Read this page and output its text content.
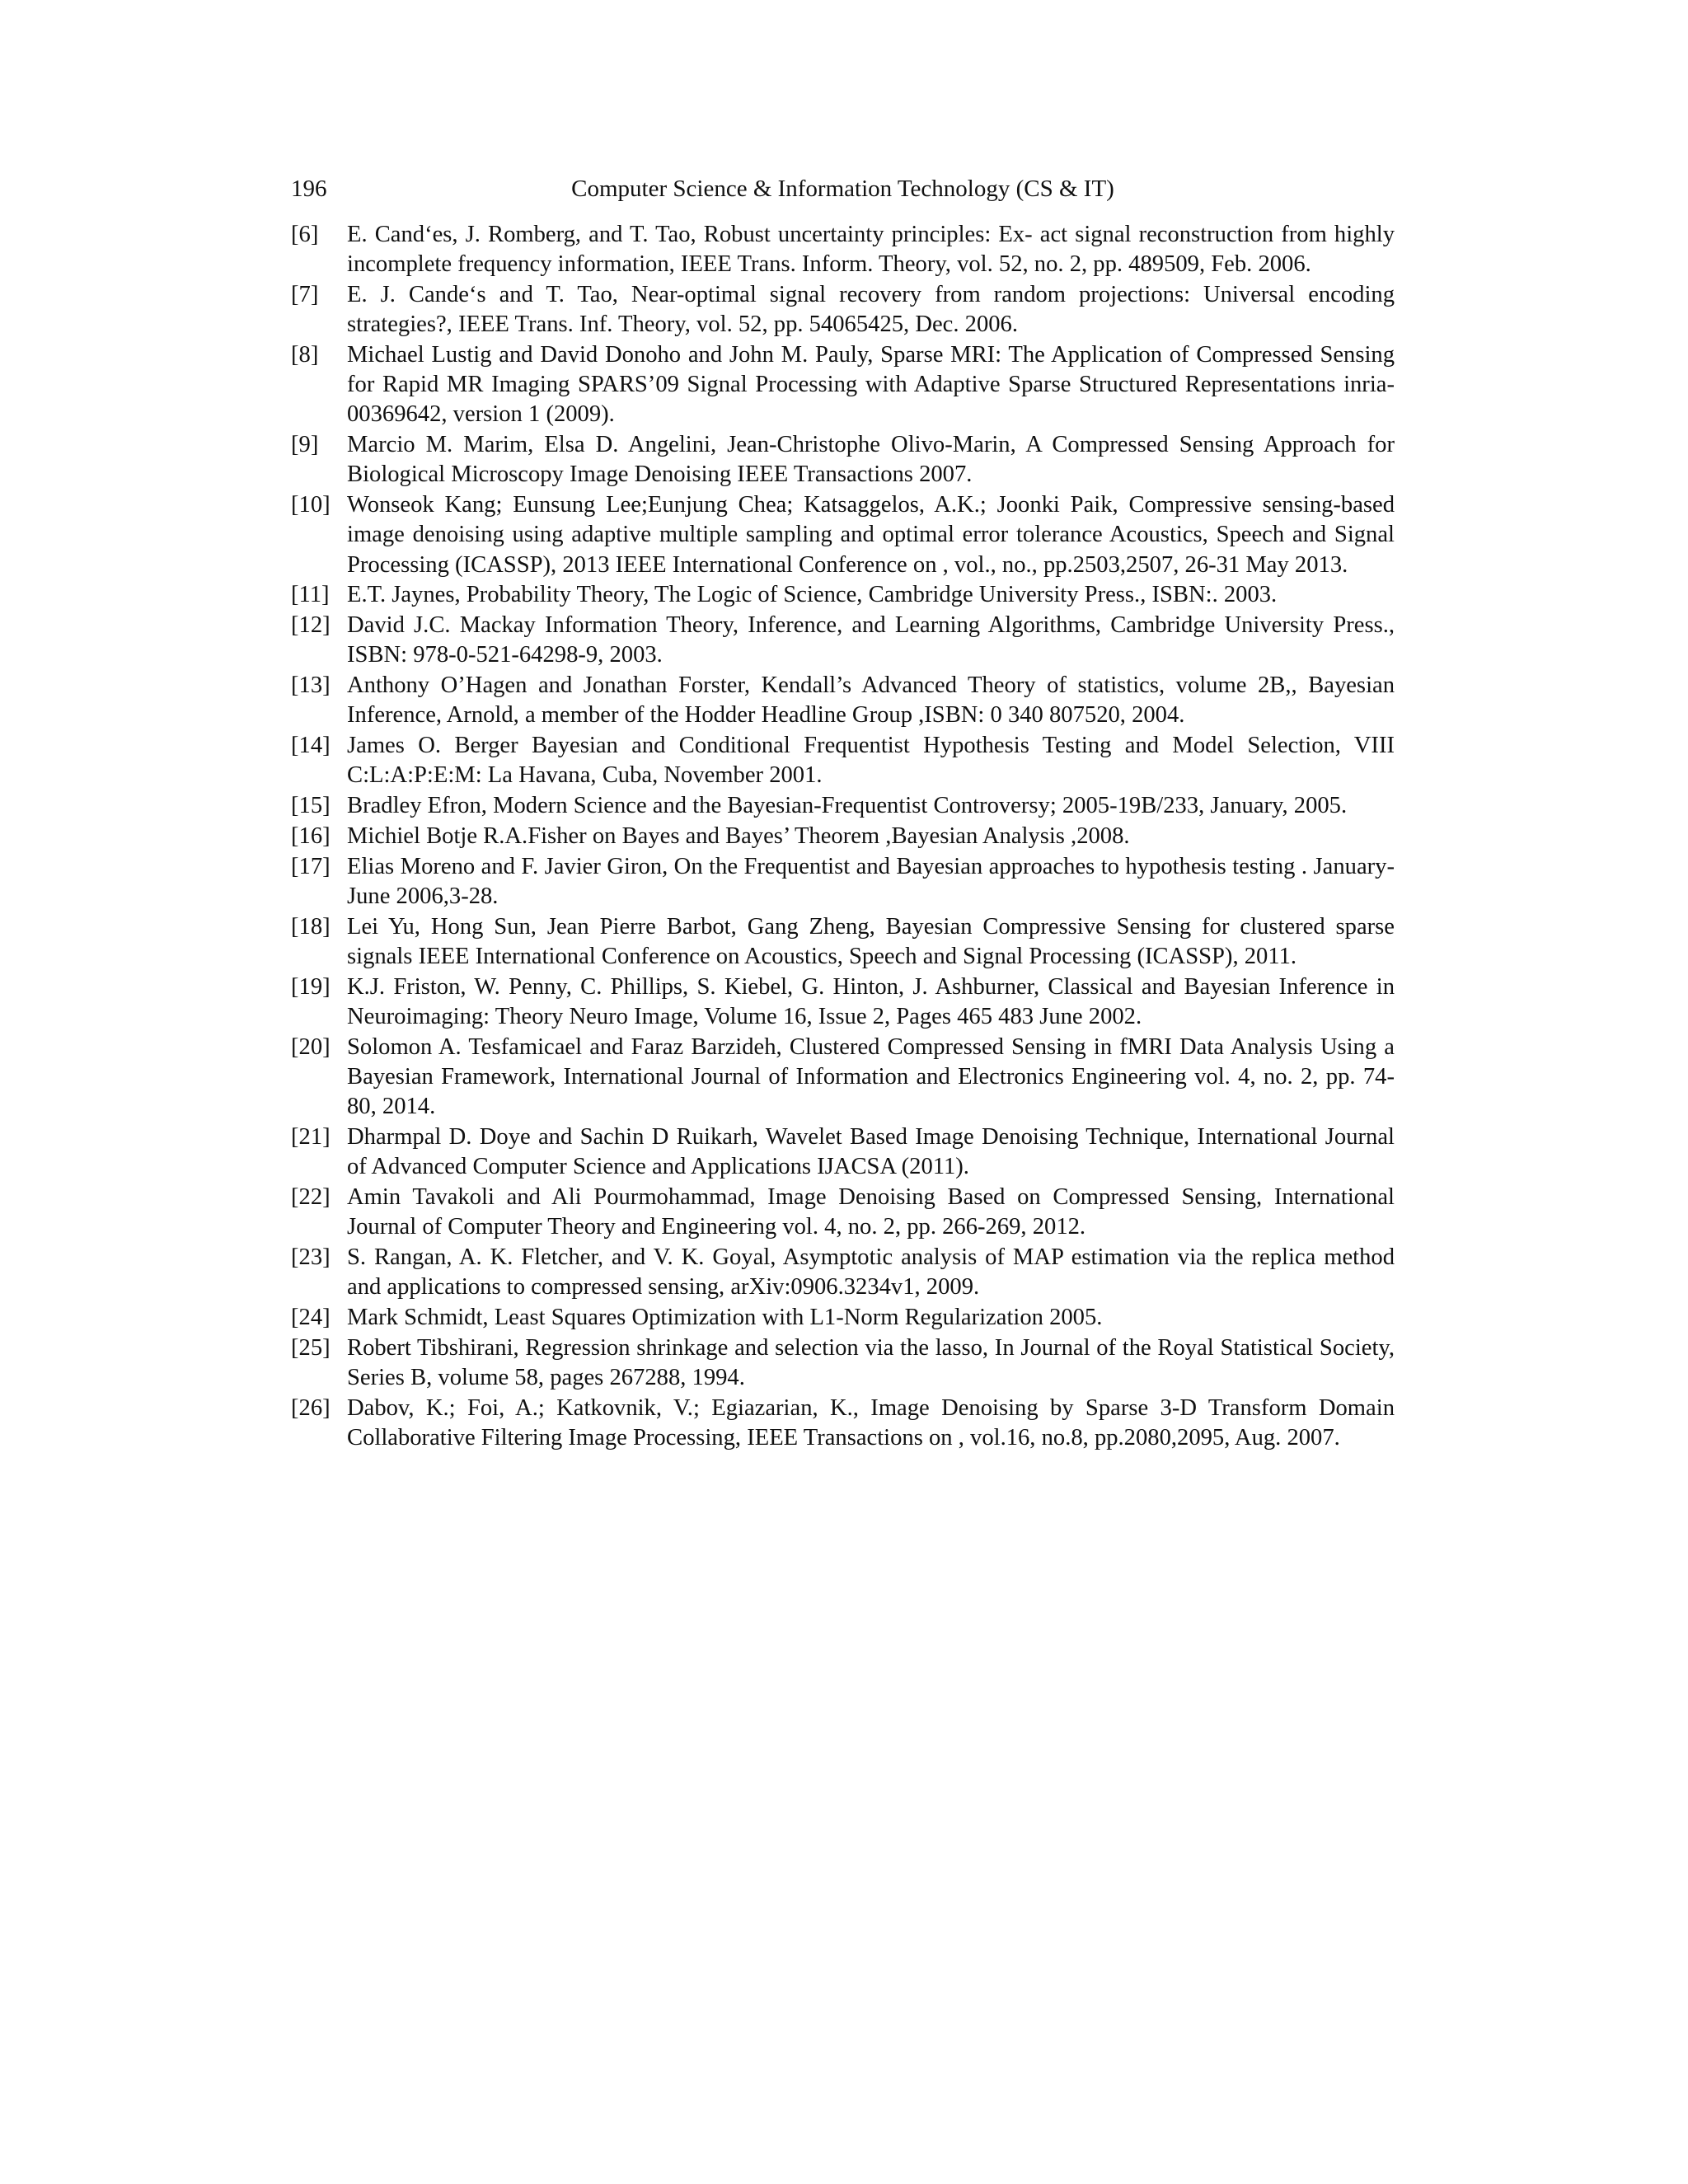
196	Computer Science & Information Technology (CS & IT)
[6] E. Cand‘es, J. Romberg, and T. Tao, Robust uncertainty principles: Ex- act signal reconstruction from highly incomplete frequency information, IEEE Trans. Inform. Theory, vol. 52, no. 2, pp. 489509, Feb. 2006.
[7] E. J. Cande‘s and T. Tao, Near-optimal signal recovery from random projections: Universal encoding strategies?, IEEE Trans. Inf. Theory, vol. 52, pp. 54065425, Dec. 2006.
[8] Michael Lustig and David Donoho and John M. Pauly, Sparse MRI: The Application of Compressed Sensing for Rapid MR Imaging SPARS’09 Signal Processing with Adaptive Sparse Structured Representations inria- 00369642, version 1 (2009).
[9] Marcio M. Marim, Elsa D. Angelini, Jean-Christophe Olivo-Marin, A Compressed Sensing Approach for Biological Microscopy Image Denoising IEEE Transactions 2007.
[10] Wonseok Kang; Eunsung Lee;Eunjung Chea; Katsaggelos, A.K.; Joonki Paik, Compressive sensing-based image denoising using adaptive multiple sampling and optimal error tolerance Acoustics, Speech and Signal Processing (ICASSP), 2013 IEEE International Conference on , vol., no., pp.2503,2507, 26-31 May 2013.
[11] E.T. Jaynes, Probability Theory, The Logic of Science, Cambridge University Press., ISBN:. 2003.
[12] David J.C. Mackay Information Theory, Inference, and Learning Algorithms, Cambridge University Press., ISBN: 978-0-521-64298-9, 2003.
[13] Anthony O’Hagen and Jonathan Forster, Kendall’s Advanced Theory of statistics, volume 2B,, Bayesian Inference, Arnold, a member of the Hodder Headline Group ,ISBN: 0 340 807520, 2004.
[14] James O. Berger Bayesian and Conditional Frequentist Hypothesis Testing and Model Selection, VIII C:L:A:P:E:M: La Havana, Cuba, November 2001.
[15] Bradley Efron, Modern Science and the Bayesian-Frequentist Controversy; 2005-19B/233, January, 2005.
[16] Michiel Botje R.A.Fisher on Bayes and Bayes’ Theorem ,Bayesian Analysis ,2008.
[17] Elias Moreno and F. Javier Giron, On the Frequentist and Bayesian approaches to hypothesis testing . January-June 2006,3-28.
[18] Lei Yu, Hong Sun, Jean Pierre Barbot, Gang Zheng, Bayesian Compressive Sensing for clustered sparse signals IEEE International Conference on Acoustics, Speech and Signal Processing (ICASSP), 2011.
[19] K.J. Friston, W. Penny, C. Phillips, S. Kiebel, G. Hinton, J. Ashburner, Classical and Bayesian Inference in Neuroimaging: Theory Neuro Image, Volume 16, Issue 2, Pages 465 483 June 2002.
[20] Solomon A. Tesfamicael and Faraz Barzideh, Clustered Compressed Sensing in fMRI Data Analysis Using a Bayesian Framework, International Journal of Information and Electronics Engineering vol. 4, no. 2, pp. 74-80, 2014.
[21] Dharmpal D. Doye and Sachin D Ruikarh, Wavelet Based Image Denoising Technique, International Journal of Advanced Computer Science and Applications IJACSA (2011).
[22] Amin Tavakoli and Ali Pourmohammad, Image Denoising Based on Compressed Sensing, International Journal of Computer Theory and Engineering vol. 4, no. 2, pp. 266-269, 2012.
[23] S. Rangan, A. K. Fletcher, and V. K. Goyal, Asymptotic analysis of MAP estimation via the replica method and applications to compressed sensing, arXiv:0906.3234v1, 2009.
[24] Mark Schmidt, Least Squares Optimization with L1-Norm Regularization 2005.
[25] Robert Tibshirani, Regression shrinkage and selection via the lasso, In Journal of the Royal Statistical Society, Series B, volume 58, pages 267288, 1994.
[26] Dabov, K.; Foi, A.; Katkovnik, V.; Egiazarian, K., Image Denoising by Sparse 3-D Transform Domain Collaborative Filtering Image Processing, IEEE Transactions on , vol.16, no.8, pp.2080,2095, Aug. 2007.
